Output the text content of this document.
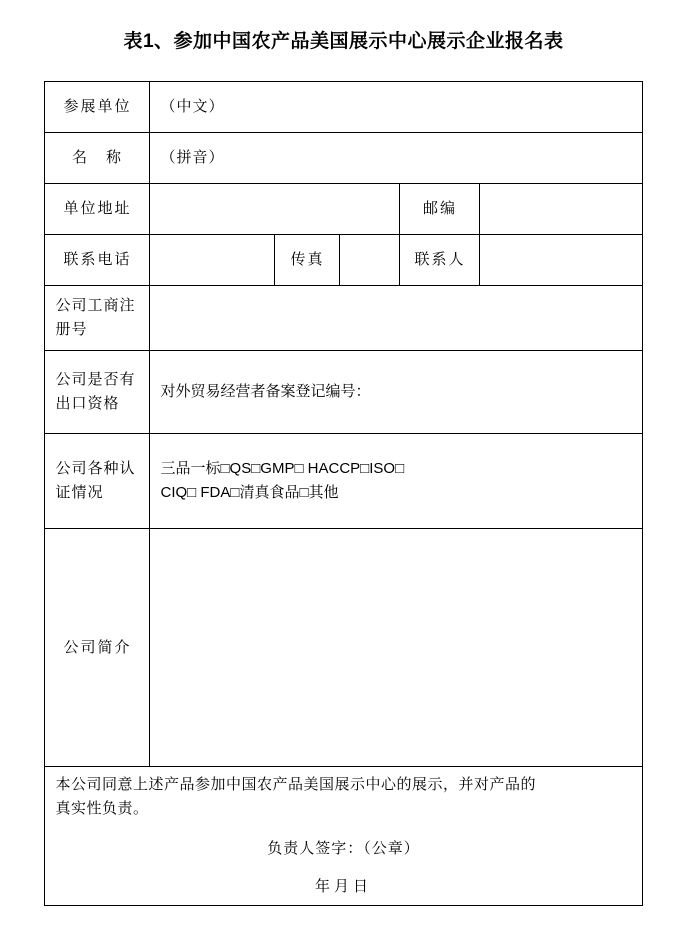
表1、参加中国农产品美国展示中心展示企业报名表
参展单位	（中文）				
名　称	（拼音）				
单位地址				邮编	
联系电话		传真		联系人	
公司工商注册号					
公司是否有出口资格	对外贸易经营者备案登记编号：				
公司各种认证情况	三品一标□QS□GMP□ HACCP□ISO□
CIQ□ FDA□清真食品□其他				

公司简介					

本公司同意上述产品参加中国农产品美国展示中心的展示，并对产品的

真实性负责。

负责人签字：（公章）
年月日					
